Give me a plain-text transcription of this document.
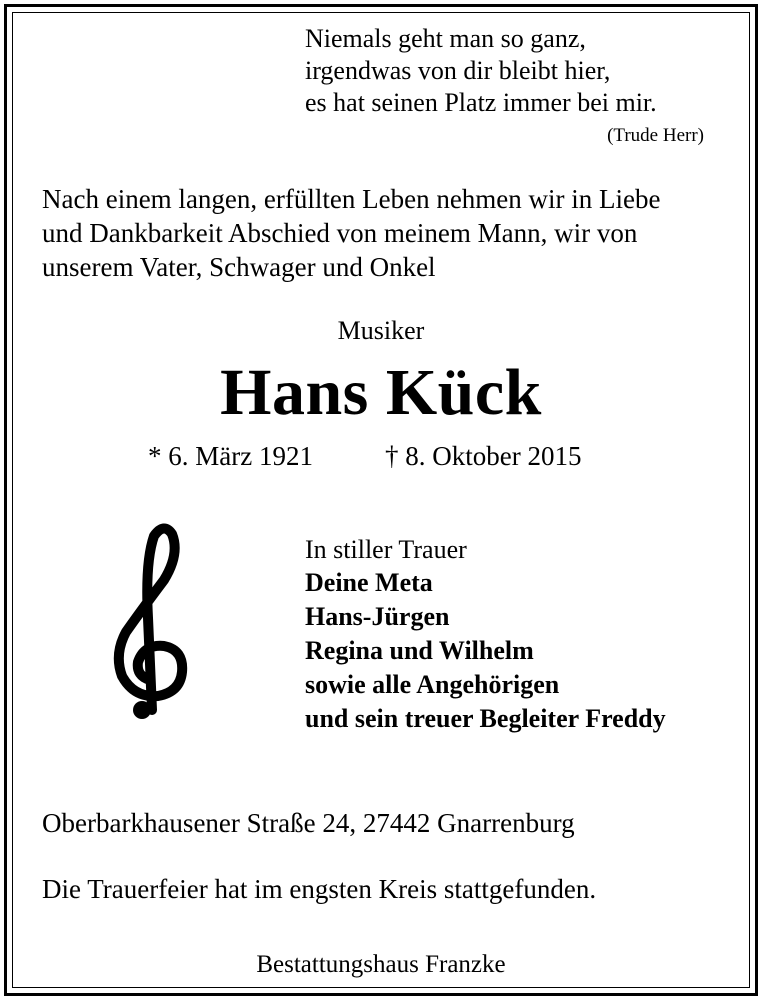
Niemals geht man so ganz,
irgendwas von dir bleibt hier,
es hat seinen Platz immer bei mir.
(Trude Herr)
Nach einem langen, erfüllten Leben nehmen wir in Liebe
und Dankbarkeit Abschied von meinem Mann, wir von
unserem Vater, Schwager und Onkel
Musiker
Hans Kück
* 6. März 1921	† 8. Oktober 2015
In stiller Trauer
Deine Meta
Hans-Jürgen
Regina und Wilhelm
sowie alle Angehörigen
und sein treuer Begleiter Freddy
Oberbarkhausener Straße 24, 27442 Gnarrenburg
Die Trauerfeier hat im engsten Kreis stattgefunden.
Bestattungshaus Franzke
